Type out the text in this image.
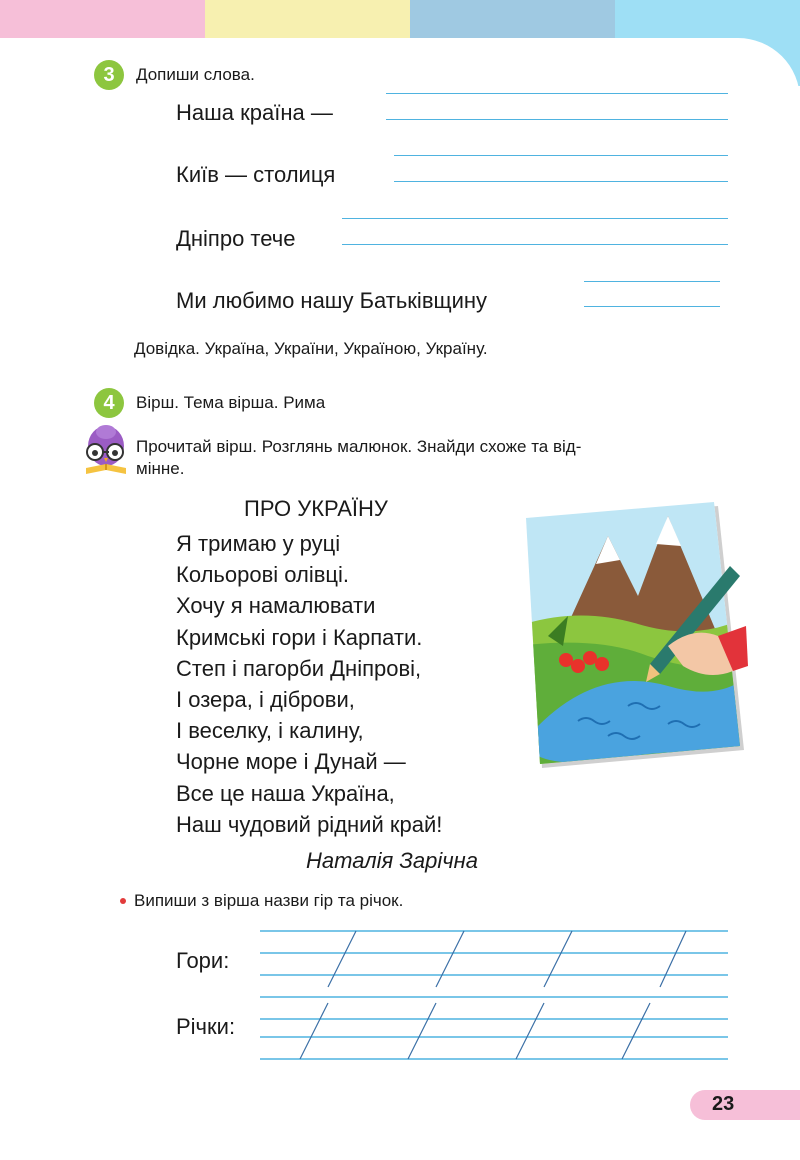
3	Допиши слова.
Наша країна —
Київ — столиця
Дніпро тече
Ми любимо нашу Батьківщину
Довідка. Україна, України, Україною, Україну.
4	Вірш. Тема вірша. Рима
Прочитай вірш. Розглянь малюнок. Знайди схоже та від-
мінне.
ПРО УКРАЇНУ
Я тримаю у руці
Кольорові олівці.
Хочу я намалювати
Кримські гори і Карпати.
Степ і пагорби Дніпрові,
І озера, і діброви,
І веселку, і калину,
Чорне море і Дунай —
Все це наша Україна,
Наш чудовий рідний край!
Наталія Зарічна
Випиши з вірша назви гір та річок.
Гори:
Річки:
23
